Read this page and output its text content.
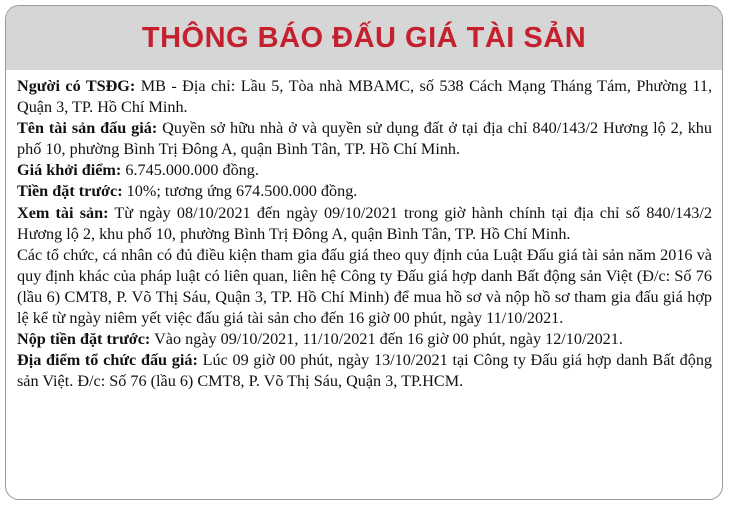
THÔNG BÁO ĐẤU GIÁ TÀI SẢN

Người có TSĐG: MB - Địa chỉ: Lầu 5, Tòa nhà MBAMC, số 538 Cách Mạng Tháng Tám, Phường 11, Quận 3, TP. Hồ Chí Minh.

Tên tài sản đấu giá: Quyền sở hữu nhà ở và quyền sử dụng đất ở tại địa chỉ 840/143/2 Hương lộ 2, khu phố 10, phường Bình Trị Đông A, quận Bình Tân, TP. Hồ Chí Minh.

Giá khởi điểm: 6.745.000.000 đồng.

Tiền đặt trước: 10%; tương ứng 674.500.000 đồng.

Xem tài sản: Từ ngày 08/10/2021 đến ngày 09/10/2021 trong giờ hành chính tại địa chỉ số 840/143/2 Hương lộ 2, khu phố 10, phường Bình Trị Đông A, quận Bình Tân, TP. Hồ Chí Minh.

Các tổ chức, cá nhân có đủ điều kiện tham gia đấu giá theo quy định của Luật Đấu giá tài sản năm 2016 và quy định khác của pháp luật có liên quan, liên hệ Công ty Đấu giá hợp danh Bất động sản Việt (Đ/c: Số 76 (lầu 6) CMT8, P. Võ Thị Sáu, Quận 3, TP. Hồ Chí Minh) để mua hồ sơ và nộp hồ sơ tham gia đấu giá hợp lệ kể từ ngày niêm yết việc đấu giá tài sản cho đến 16 giờ 00 phút, ngày 11/10/2021.

Nộp tiền đặt trước: Vào ngày 09/10/2021, 11/10/2021 đến 16 giờ 00 phút, ngày 12/10/2021.

Địa điểm tổ chức đấu giá: Lúc 09 giờ 00 phút, ngày 13/10/2021 tại Công ty Đấu giá hợp danh Bất động sản Việt. Đ/c: Số 76 (lầu 6) CMT8, P. Võ Thị Sáu, Quận 3, TP.HCM.
